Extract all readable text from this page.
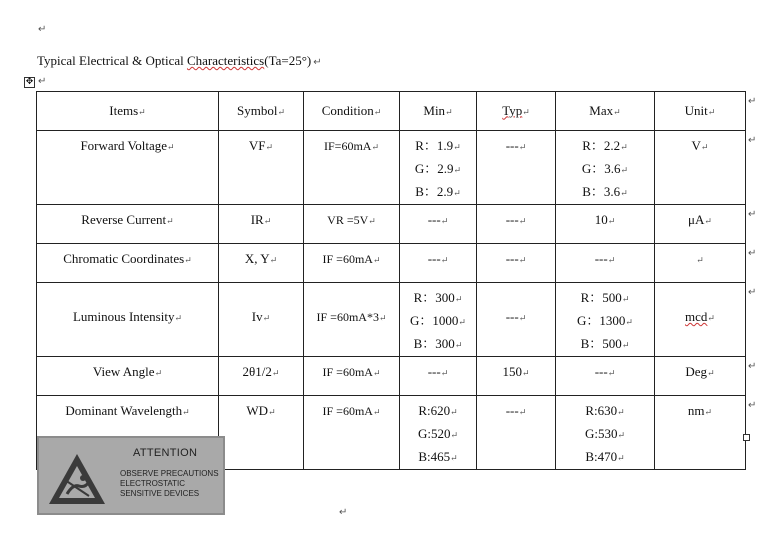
↵
Typical Electrical & Optical Characteristics(Ta=25°) ↵
✥ ↵
Items↵	Symbol↵	Condition↵	Min↵	Typ↵	Max↵	Unit↵

Forward Voltage↵	VF↵	IF=60mA↵	R：1.9↵
G：2.9↵
B：2.9↵	---↵	R：2.2↵
G：3.6↵
B：3.6↵	V↵

Reverse Current↵	IR↵	VR =5V↵	---↵	---↵	10↵	μA↵

Chromatic Coordinates↵	X, Y↵	IF =60mA↵	---↵	---↵	---↵	↵

Luminous Intensity↵	Iv↵	IF =60mA*3↵	R：300↵
G：1000↵
B：300↵	---↵	R：500↵
G：1300↵
B：500↵	mcd↵

View Angle↵	2θ1/2↵	IF =60mA↵	---↵	150↵	---↵	Deg↵

Dominant Wavelength↵	WD↵	IF =60mA↵	R:620↵
G:520↵
B:465↵	---↵	R:630↵
G:530↵
B:470↵	nm↵
ATTENTION
OBSERVE PRECAUTIONS
ELECTROSTATIC
SENSITIVE DEVICES
↵
↵
↵
↵
↵
↵
↵
↵
